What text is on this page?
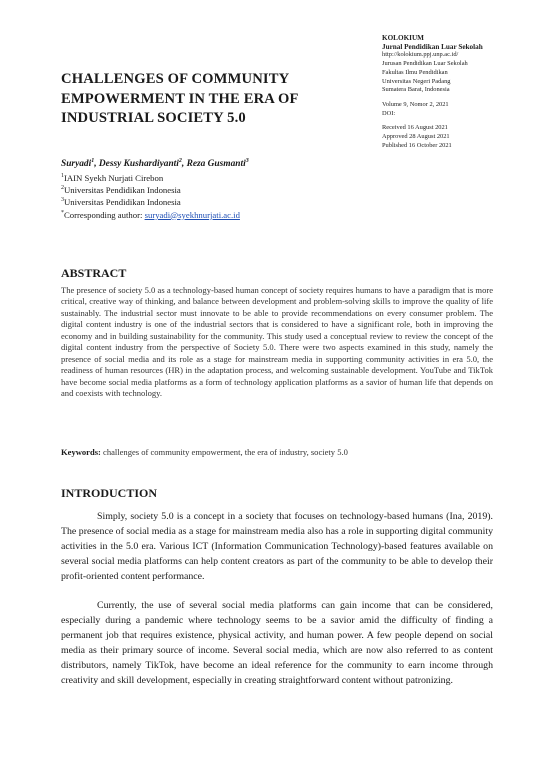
KOLOKIUM
Jurnal Pendidikan Luar Sekolah
http://kolokium.ppj.unp.ac.id/
Jurusan Pendidikan Luar Sekolah
Fakultas Ilmu Pendidikan
Universitas Negeri Padang
Sumatera Barat, Indonesia
Volume 9, Nomor 2, 2021
DOI:
Received 16 August 2021
Approved 28 August 2021
Published 16 October 2021
CHALLENGES OF COMMUNITY EMPOWERMENT IN THE ERA OF INDUSTRIAL SOCIETY 5.0

Suryadi$^1$, Dessy Kushardiyanti$^2$, Reza Gusmanti$^3$

$^1$IAIN Syekh Nurjati Cirebon
$^2$Universitas Pendidikan Indonesia
$^3$Universitas Pendidikan Indonesia
*Corresponding author: suryadi@syekhnurjati.ac.id
ABSTRACT

The presence of society 5.0 as a technology-based human concept of society requires humans to have a paradigm that is more critical, creative way of thinking, and balance between development and problem-solving skills to improve the quality of life sustainably. The industrial sector must innovate to be able to provide recommendations on every consumer problem. The digital content industry is one of the industrial sectors that is considered to have a significant role, both in improving the economy and in building sustainability for the community. This study used a conceptual review to review the concept of the digital content industry from the perspective of Society 5.0. There were two aspects examined in this study, namely the presence of social media and its role as a stage for mainstream media in supporting community activities in era 5.0, the readiness of human resources (HR) in the adaptation process, and welcoming sustainable development. YouTube and TikTok have become social media platforms as a form of technology application platforms as a savior of human life that depends on and coexists with technology.

Keywords: challenges of community empowerment, the era of industry, society 5.0

INTRODUCTION

Simply, society 5.0 is a concept in a society that focuses on technology-based humans (Ina, 2019). The presence of social media as a stage for mainstream media also has a role in supporting digital community activities in the 5.0 era. Various ICT (Information Communication Technology)-based features available on several social media platforms can help content creators as part of the community to be able to develop their profit-oriented content performance.

Currently, the use of several social media platforms can gain income that can be considered, especially during a pandemic where technology seems to be a savior amid the difficulty of finding a permanent job that requires existence, physical activity, and human power. A few people depend on social media as their primary source of income. Several social media, which are now also referred to as content distributors, namely TikTok, have become an ideal reference for the community to earn income through creativity and skill development, especially in creating straightforward content without patronizing.
